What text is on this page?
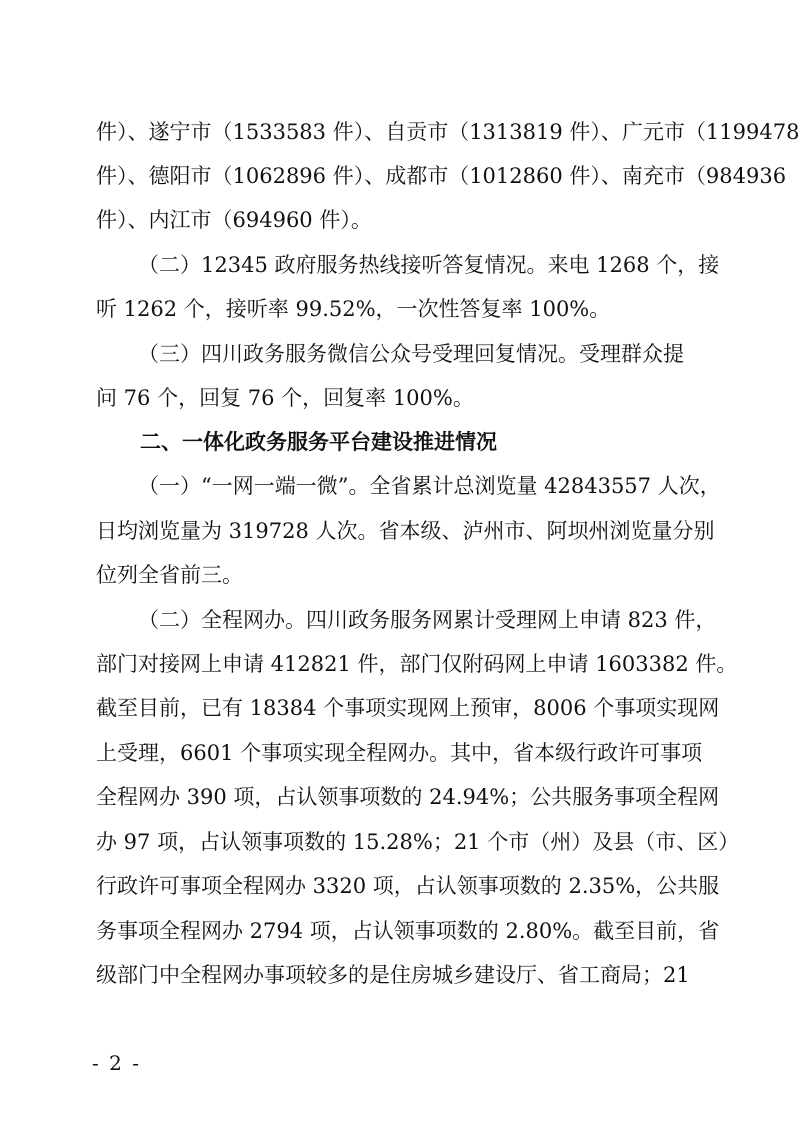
件）、遂宁市（1533583 件）、自贡市（1313819 件）、广元市（1199478
件）、德阳市（1062896 件）、成都市（1012860 件）、南充市（984936
件）、内江市（694960 件）。
（二）12345 政府服务热线接听答复情况。来电 1268 个，接
听 1262 个，接听率 99.52%，一次性答复率 100%。
（三）四川政务服务微信公众号受理回复情况。受理群众提
问 76 个，回复 76 个，回复率 100%。
二、一体化政务服务平台建设推进情况
（一）“一网一端一微”。全省累计总浏览量 42843557 人次，
日均浏览量为 319728 人次。省本级、泸州市、阿坝州浏览量分别
位列全省前三。
（二）全程网办。四川政务服务网累计受理网上申请 823 件，
部门对接网上申请 412821 件，部门仅附码网上申请 1603382 件。
截至目前，已有 18384 个事项实现网上预审，8006 个事项实现网
上受理，6601 个事项实现全程网办。其中，省本级行政许可事项
全程网办 390 项，占认领事项数的 24.94%；公共服务事项全程网
办 97 项，占认领事项数的 15.28%；21 个市（州）及县（市、区）
行政许可事项全程网办 3320 项，占认领事项数的 2.35%，公共服
务事项全程网办 2794 项，占认领事项数的 2.80%。截至目前，省
级部门中全程网办事项较多的是住房城乡建设厅、省工商局；21
- 2 -
